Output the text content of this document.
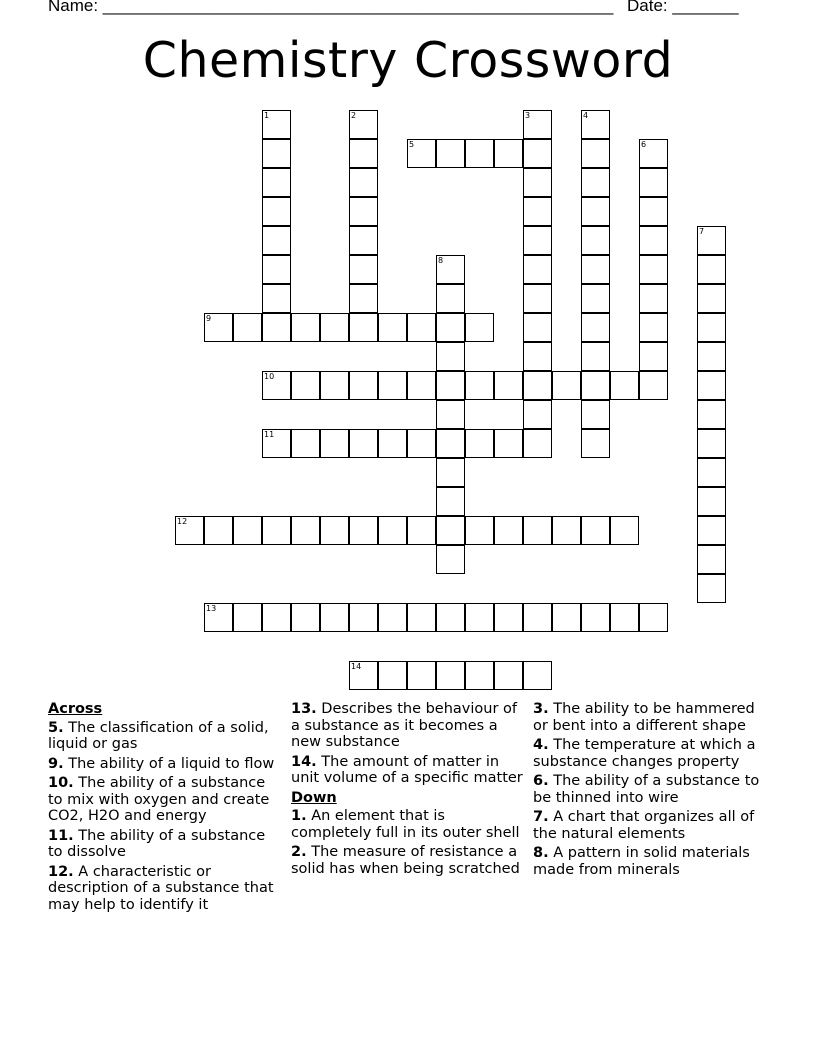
Name: ______________________________________________________ Date: _______
Chemistry Crossword
5
9
10
11
12
13
14
1	2	3	4
6
7
8
Across
5. The classification of a solid, liquid or gas
9. The ability of a liquid to flow
10. The ability of a substance to mix with oxygen and create CO2, H2O and energy
11. The ability of a substance to dissolve
12. A characteristic or description of a substance that may help to identify it
13. Describes the behaviour of a substance as it becomes a new substance
14. The amount of matter in unit volume of a specific matter
Down
1. An element that is completely full in its outer shell
2. The measure of resistance a solid has when being scratched
3. The ability to be hammered or bent into a different shape
4. The temperature at which a substance changes property
6. The ability of a substance to be thinned into wire
7. A chart that organizes all of the natural elements
8. A pattern in solid materials made from minerals
